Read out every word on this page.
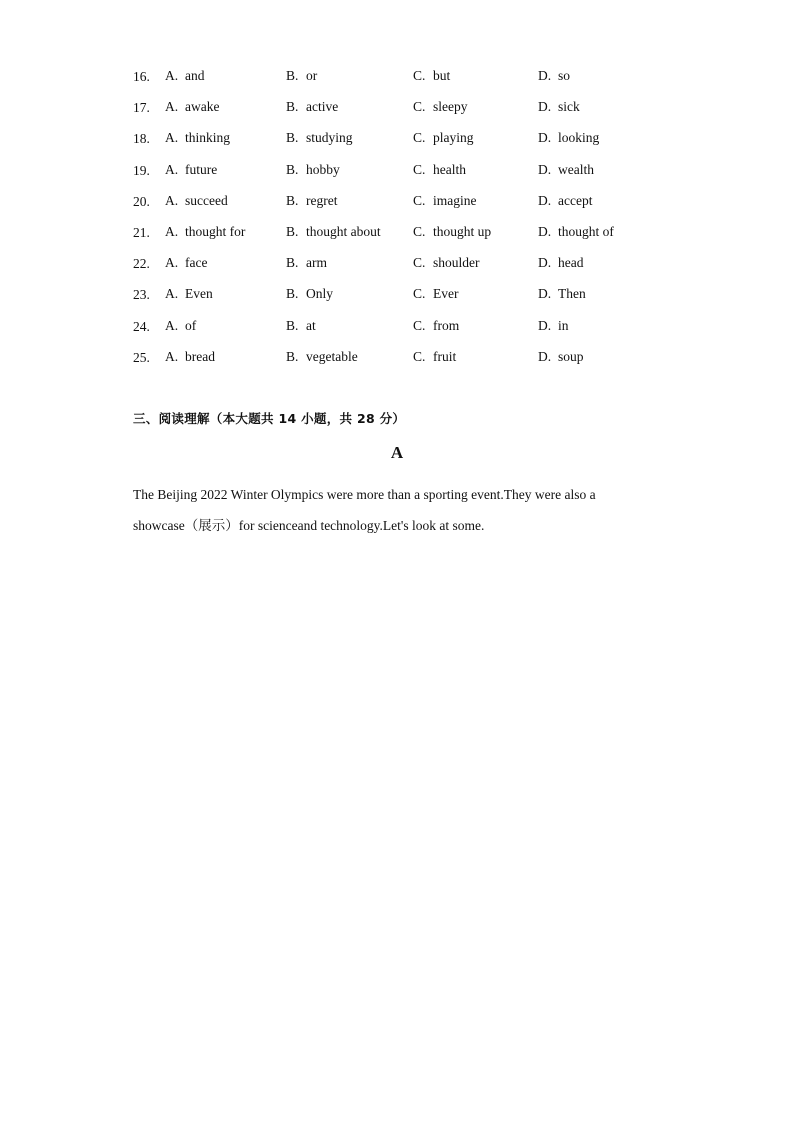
16. A. and	B. or	C. but	D. so
17. A. awake	B. active	C. sleepy	D. sick
18. A. thinking	B. studying	C. playing	D. looking
19. A. future	B. hobby	C. health	D. wealth
20. A. succeed	B. regret	C. imagine	D. accept
21. A. thought for	B. thought about C. thought up	D. thought of
22. A. face	B. arm	C. shoulder	D. head
23. A. Even	B. Only	C. Ever	D. Then
24. A. of	B. at	C. from	D. in
25. A. bread	B. vegetable	C. fruit	D. soup
三、阅读理解（本大题共 14 小题，共 28 分）
A

The Beijing 2022 Winter Olympics were more than a sporting event.They were also a

showcase（展示）for scienceand technology.Let's look at some.
